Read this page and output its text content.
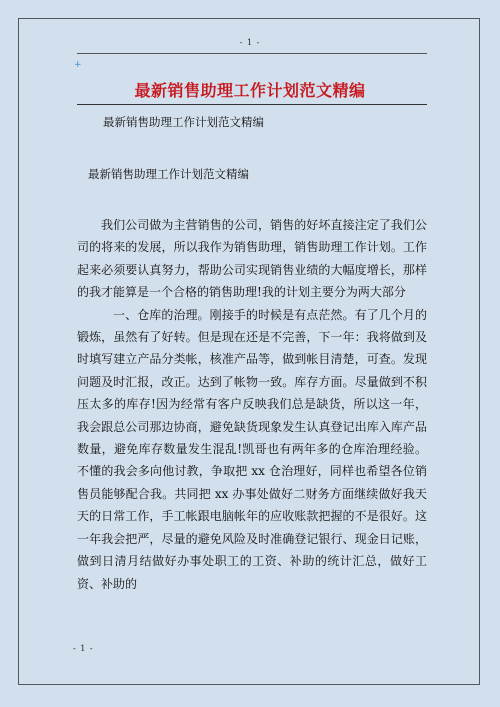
- 1 -
+
最新销售助理工作计划范文精编
最新销售助理工作计划范文精编
最新销售助理工作计划范文精编

我们公司做为主营销售的公司，销售的好坏直接注定了我们公司的将来的发展，所以我作为销售助理，销售助理工作计划。工作起来必须要认真努力，帮助公司实现销售业绩的大幅度增长，那样的我才能算是一个合格的销售助理!我的计划主要分为两大部分

一、仓库的治理。刚接手的时候是有点茫然。有了几个月的锻炼，虽然有了好转。但是现在还是不完善，下一年：我将做到及时填写建立产品分类帐，核准产品等，做到帐目清楚，可查。发现问题及时汇报，改正。达到了帐物一致。库存方面。尽量做到不积压太多的库存!因为经常有客户反映我们总是缺货，所以这一年，我会跟总公司那边协商，避免缺货现象发生认真登记出库入库产品数量，避免库存数量发生混乱!凯哥也有两年多的仓库治理经验。不懂的我会多向他讨教，争取把 xx 仓治理好，同样也希望各位销售员能够配合我。共同把 xx 办事处做好二财务方面继续做好我天天的日常工作，手工帐跟电脑帐年的应收账款把握的不是很好。这一年我会把严，尽量的避免风险及时准确登记银行、现金日记账，做到日清月结做好办事处职工的工资、补助的统计汇总，做好工资、补助的

- 1 -
